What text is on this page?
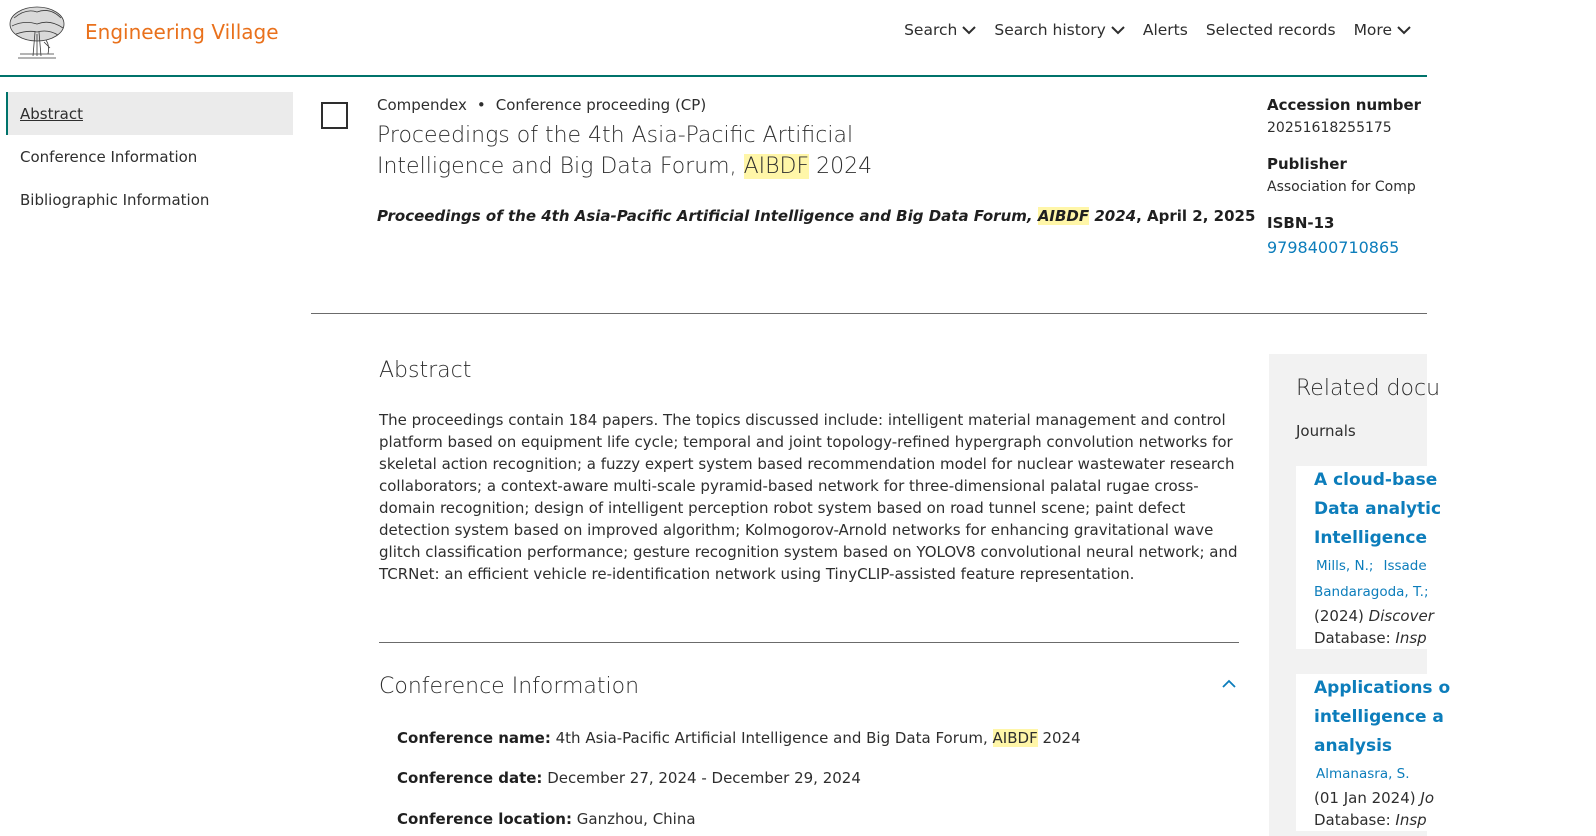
Engineering Village	Search Search history Alerts Selected records More
Abstract
Conference Information
Bibliographic Information
Compendex • Conference proceeding (CP)
Proceedings of the 4th Asia-Pacific Artificial Intelligence and Big Data Forum, AIBDF 2024
Proceedings of the 4th Asia-Pacific Artificial Intelligence and Big Data Forum, AIBDF 2024, April 2, 2025
Accession number
20251618255175
Publisher
Association for Comp
ISBN-13
9798400710865
Abstract
The proceedings contain 184 papers. The topics discussed include: intelligent material management and control platform based on equipment life cycle; temporal and joint topology-refined hypergraph convolution networks for skeletal action recognition; a fuzzy expert system based recommendation model for nuclear wastewater research collaborators; a context-aware multi-scale pyramid-based network for three-dimensional palatal rugae cross-domain recognition; design of intelligent perception robot system based on road tunnel scene; paint defect detection system based on improved algorithm; Kolmogorov-Arnold networks for enhancing gravitational wave glitch classification performance; gesture recognition system based on YOLOV8 convolutional neural network; and TCRNet: an efficient vehicle re-identification network using TinyCLIP-assisted feature representation.
Conference Information
Conference name: 4th Asia-Pacific Artificial Intelligence and Big Data Forum, AIBDF 2024
Conference date: December 27, 2024 - December 29, 2024
Conference location: Ganzhou, China
Related docu
Journals
A cloud-base
Data analytic
Intelligence
Mills, N.; Issade
Bandaragoda, T.;
(2024) Discover
Database: Insp
Applications o
intelligence a
analysis
Almanasra, S.
(01 Jan 2024) Jo
Database: Insp
